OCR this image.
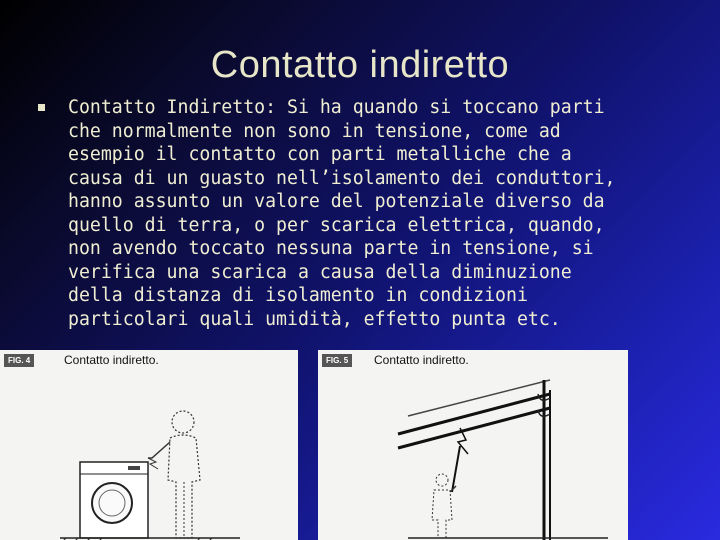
Contatto indiretto
Contatto Indiretto: Si ha quando si toccano parti
che normalmente non sono in tensione, come ad
esempio il contatto con parti metalliche che a
causa di un guasto nell’isolamento dei conduttori,
hanno assunto un valore del potenziale diverso da
quello di terra, o per scarica elettrica, quando,
non avendo toccato nessuna parte in tensione, si
verifica una scarica a causa della diminuzione
della distanza di isolamento in condizioni
particolari quali umidità, effetto punta etc.
FIG. 4	Contatto indiretto.	FIG. 5	Contatto indiretto.
